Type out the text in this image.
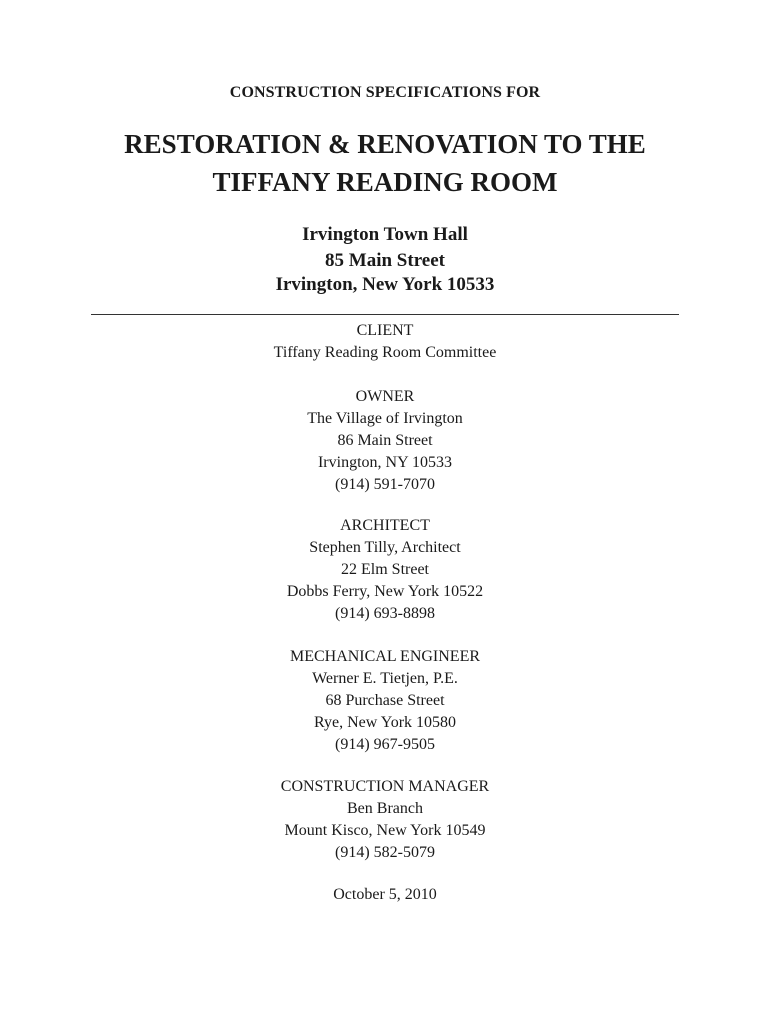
CONSTRUCTION SPECIFICATIONS FOR
RESTORATION & RENOVATION TO THE
TIFFANY READING ROOM
Irvington Town Hall
85 Main Street
Irvington, New York 10533
CLIENT
Tiffany Reading Room Committee
OWNER
The Village of Irvington
86 Main Street
Irvington, NY 10533
(914) 591-7070
ARCHITECT
Stephen Tilly, Architect
22 Elm Street
Dobbs Ferry, New York 10522
(914) 693-8898
MECHANICAL ENGINEER
Werner E. Tietjen, P.E.
68 Purchase Street
Rye, New York 10580
(914) 967-9505
CONSTRUCTION MANAGER
Ben Branch
Mount Kisco, New York 10549
(914) 582-5079
October 5, 2010
